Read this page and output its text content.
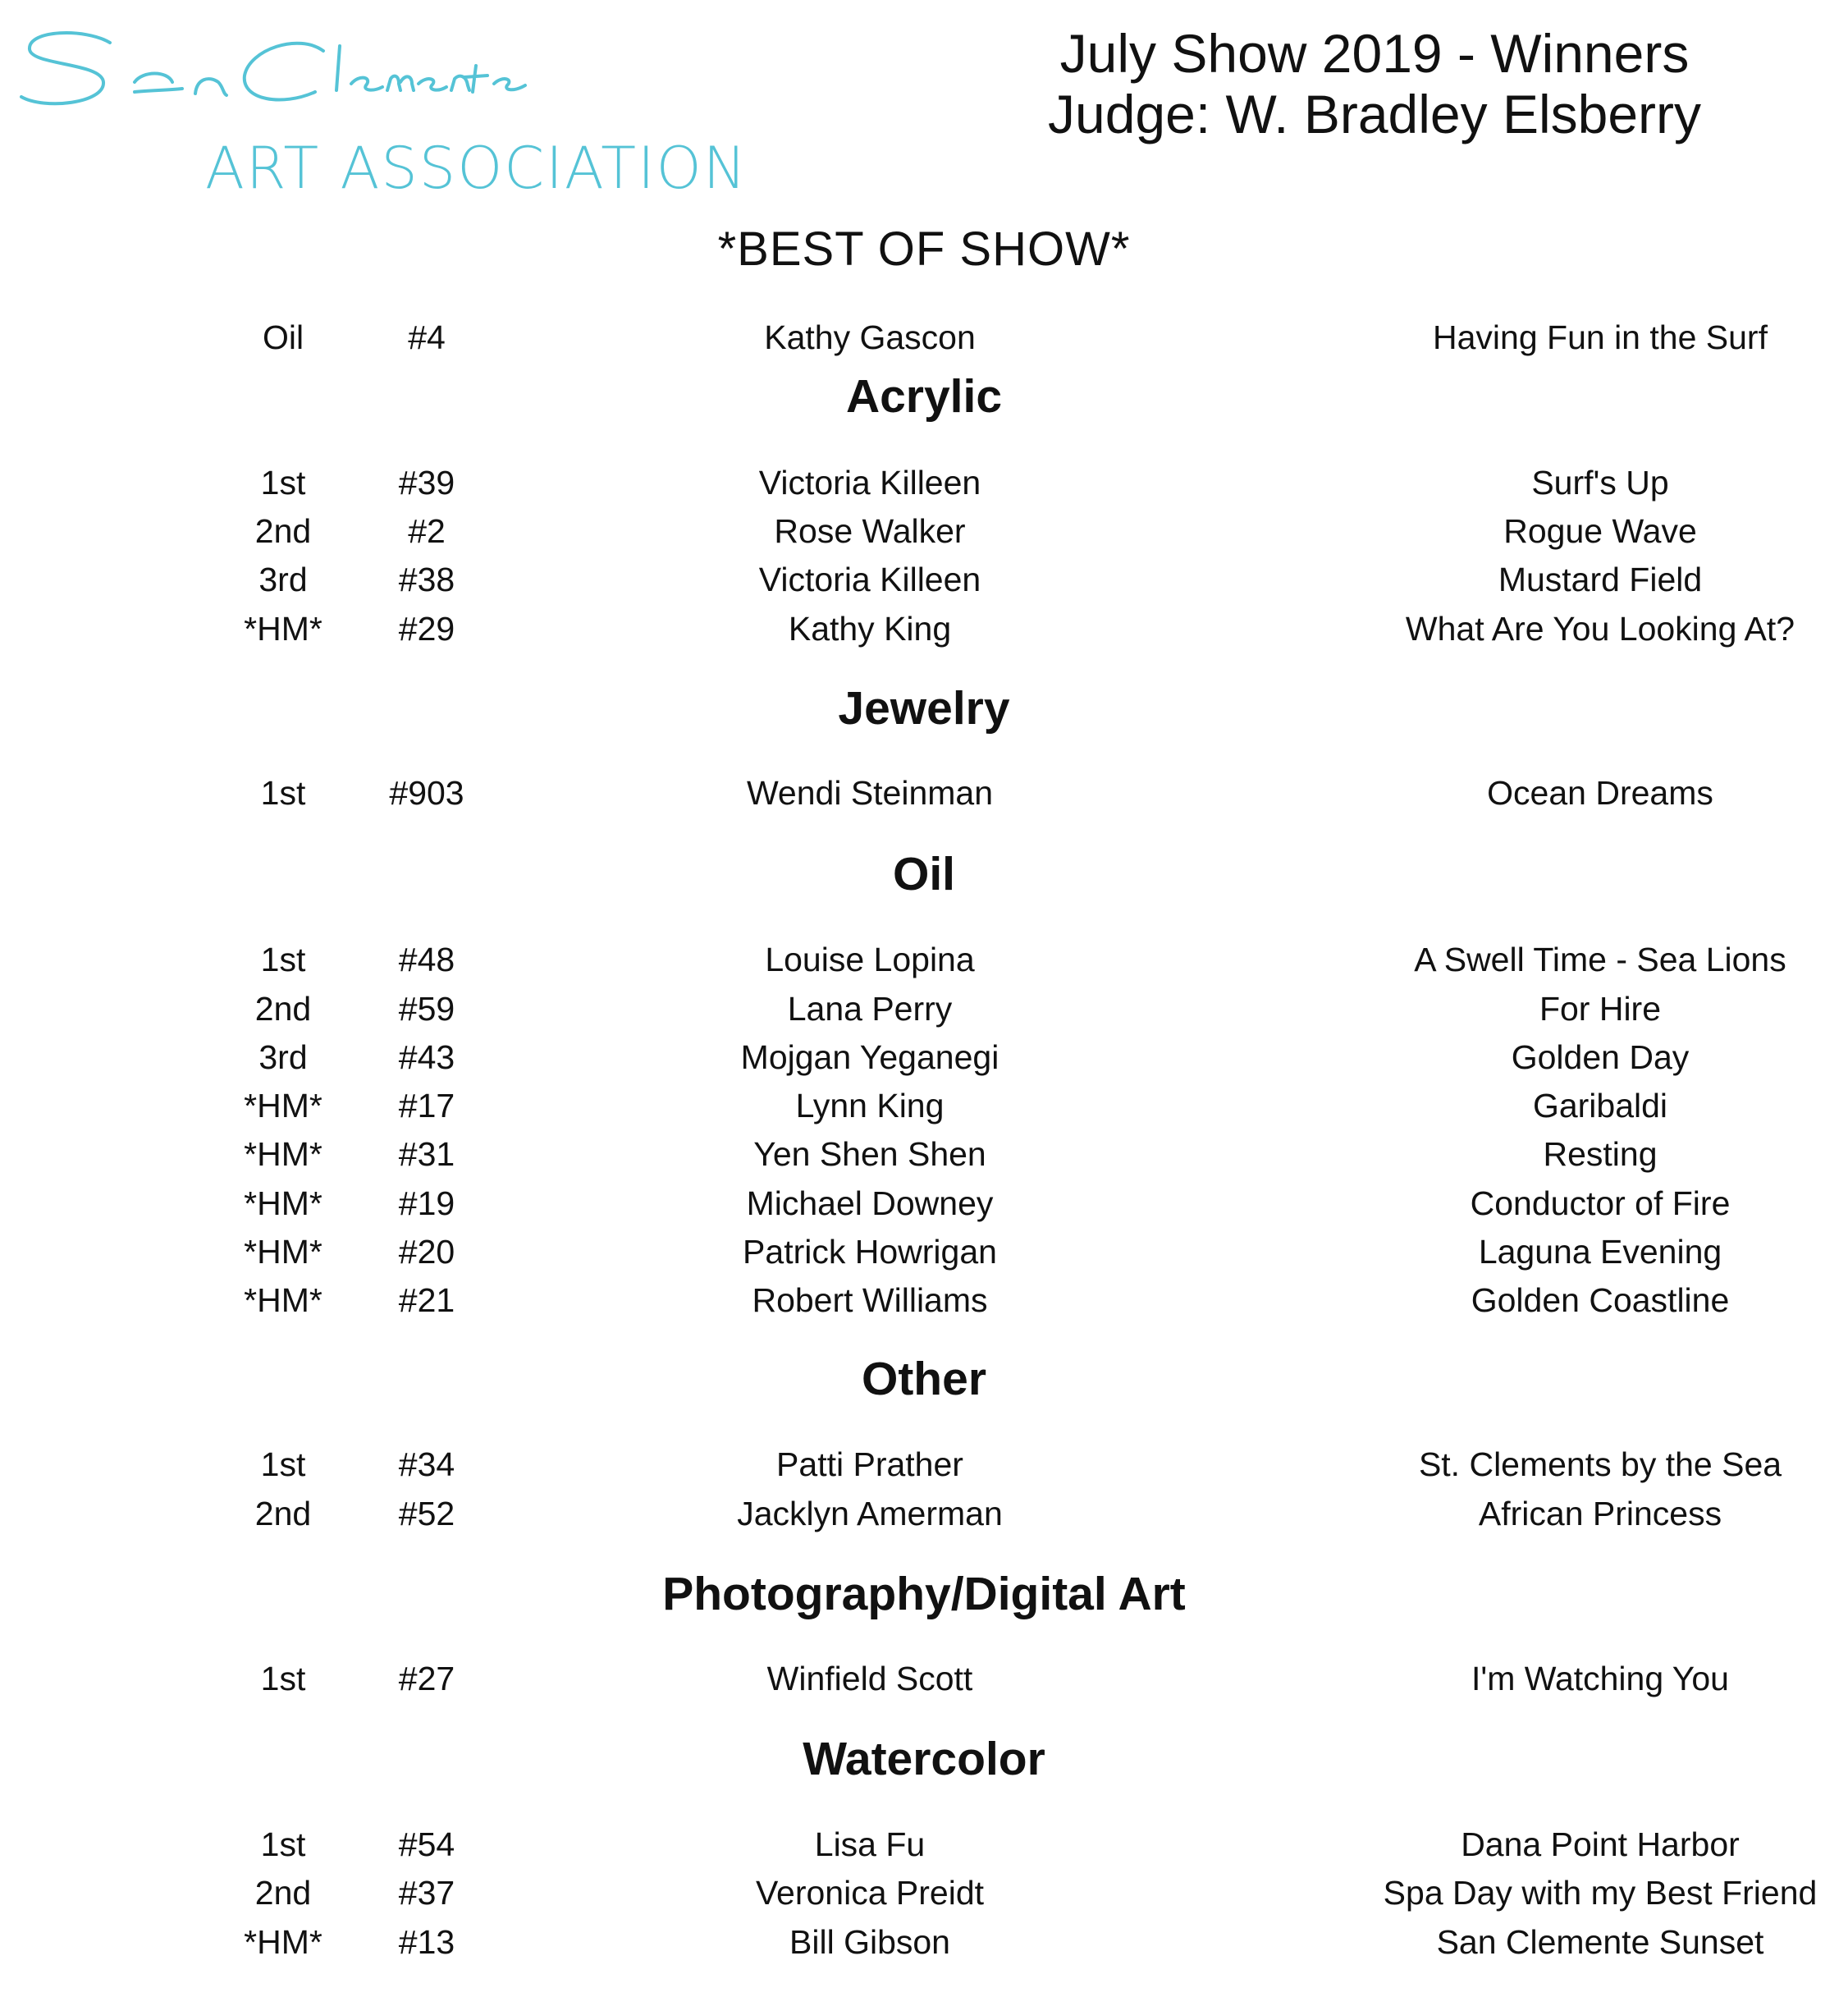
ART ASSOCIATION
July Show 2019 - Winners
Judge: W. Bradley Elsberry
*BEST OF SHOW*
Oil	#4	Kathy Gascon	Having Fun in the Surf
Acrylic
1st	#39	Victoria Killeen	Surf's Up
2nd	#2	Rose Walker	Rogue Wave
3rd	#38	Victoria Killeen	Mustard Field
*HM*	#29	Kathy King	What Are You Looking At?
Jewelry
1st	#903	Wendi Steinman	Ocean Dreams
Oil
1st	#48	Louise Lopina	A Swell Time - Sea Lions
2nd	#59	Lana Perry	For Hire
3rd	#43	Mojgan Yeganegi	Golden Day
*HM*	#17	Lynn King	Garibaldi
*HM*	#31	Yen Shen Shen	Resting
*HM*	#19	Michael Downey	Conductor of Fire
*HM*	#20	Patrick Howrigan	Laguna Evening
*HM*	#21	Robert Williams	Golden Coastline
Other
1st	#34	Patti Prather	St. Clements by the Sea
2nd	#52	Jacklyn Amerman	African Princess
Photography/Digital Art
1st	#27	Winfield Scott	I'm Watching You
Watercolor
1st	#54	Lisa Fu	Dana Point Harbor
2nd	#37	Veronica Preidt	Spa Day with my Best Friend
*HM*	#13	Bill Gibson	San Clemente Sunset
